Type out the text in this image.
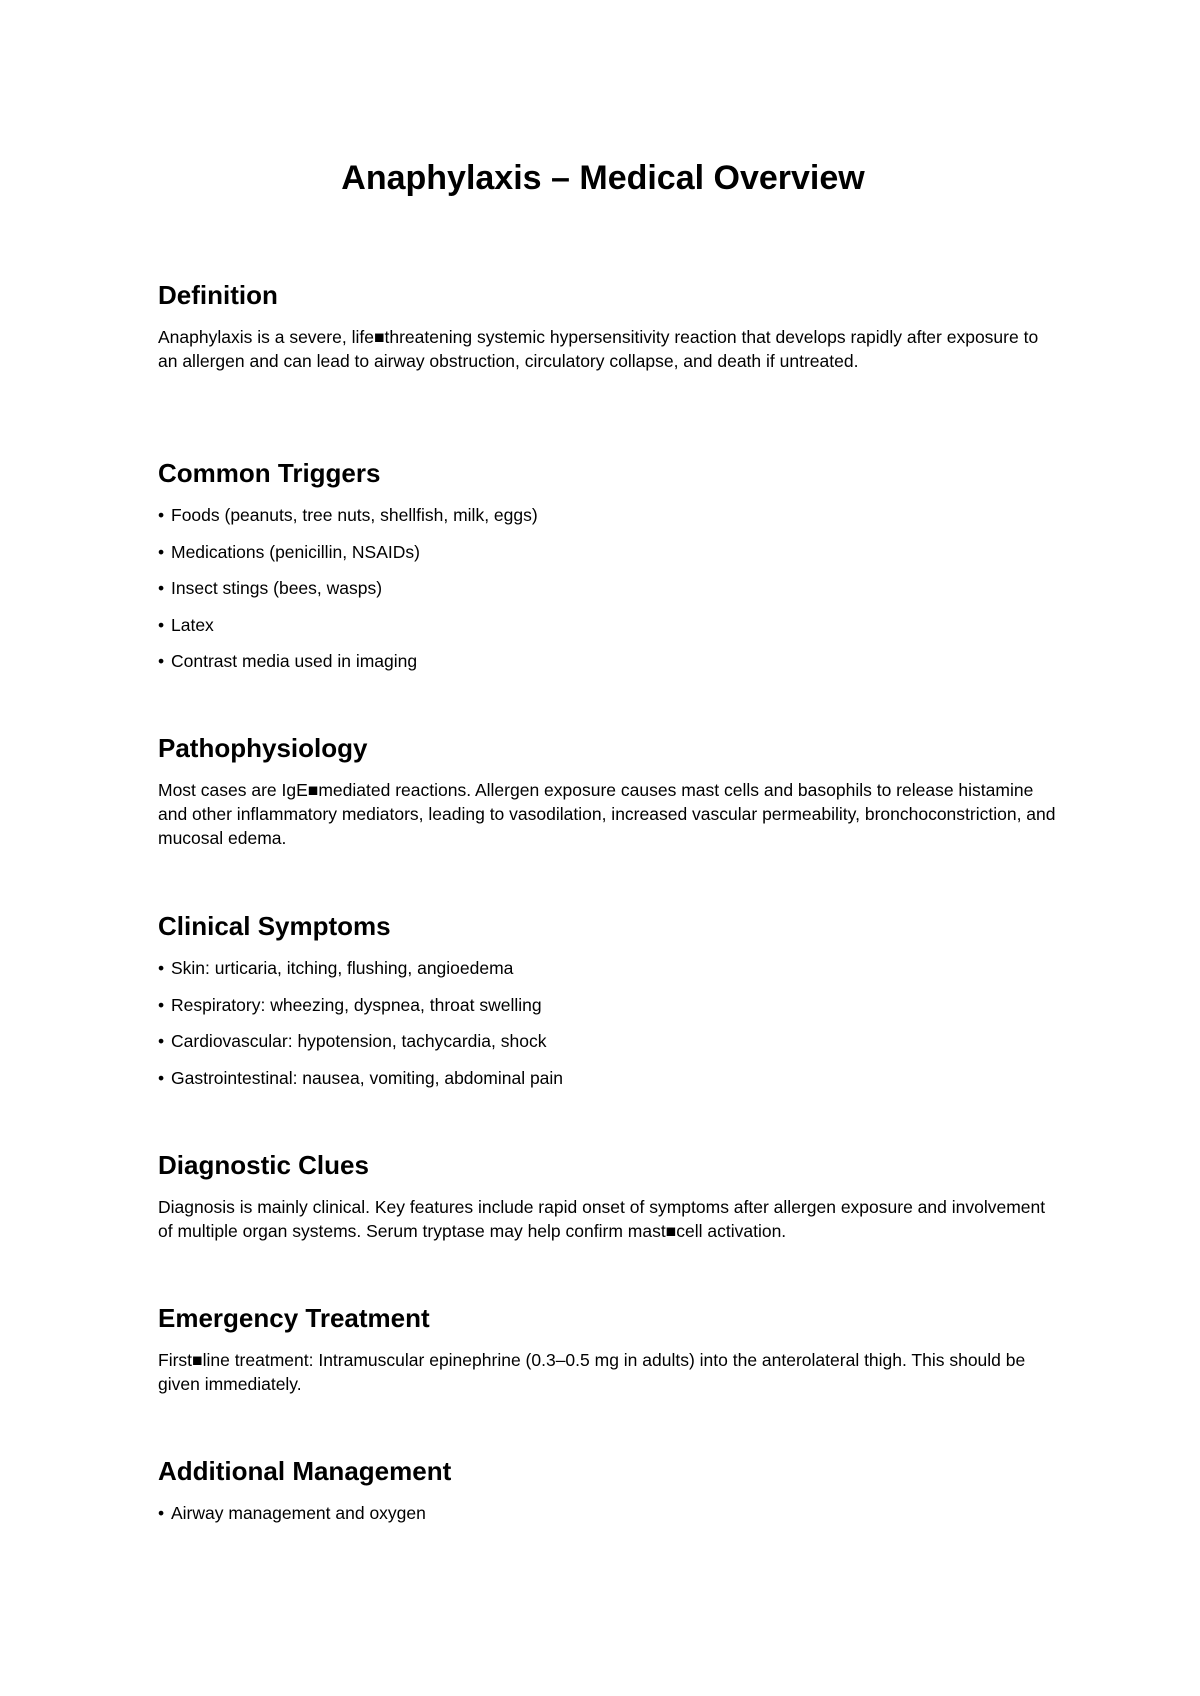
Anaphylaxis – Medical Overview
Definition

Anaphylaxis is a severe, life■threatening systemic hypersensitivity reaction that develops rapidly after exposure to an allergen and can lead to airway obstruction, circulatory collapse, and death if untreated.

Common Triggers
• Foods (peanuts, tree nuts, shellfish, milk, eggs)
• Medications (penicillin, NSAIDs)
• Insect stings (bees, wasps)
• Latex
• Contrast media used in imaging
Pathophysiology

Most cases are IgE■mediated reactions. Allergen exposure causes mast cells and basophils to release histamine and other inflammatory mediators, leading to vasodilation, increased vascular permeability, bronchoconstriction, and mucosal edema.

Clinical Symptoms
• Skin: urticaria, itching, flushing, angioedema
• Respiratory: wheezing, dyspnea, throat swelling
• Cardiovascular: hypotension, tachycardia, shock
• Gastrointestinal: nausea, vomiting, abdominal pain
Diagnostic Clues

Diagnosis is mainly clinical. Key features include rapid onset of symptoms after allergen exposure and involvement of multiple organ systems. Serum tryptase may help confirm mast■cell activation.

Emergency Treatment

First■line treatment: Intramuscular epinephrine (0.3–0.5 mg in adults) into the anterolateral thigh. This should be given immediately.

Additional Management
• Airway management and oxygen
